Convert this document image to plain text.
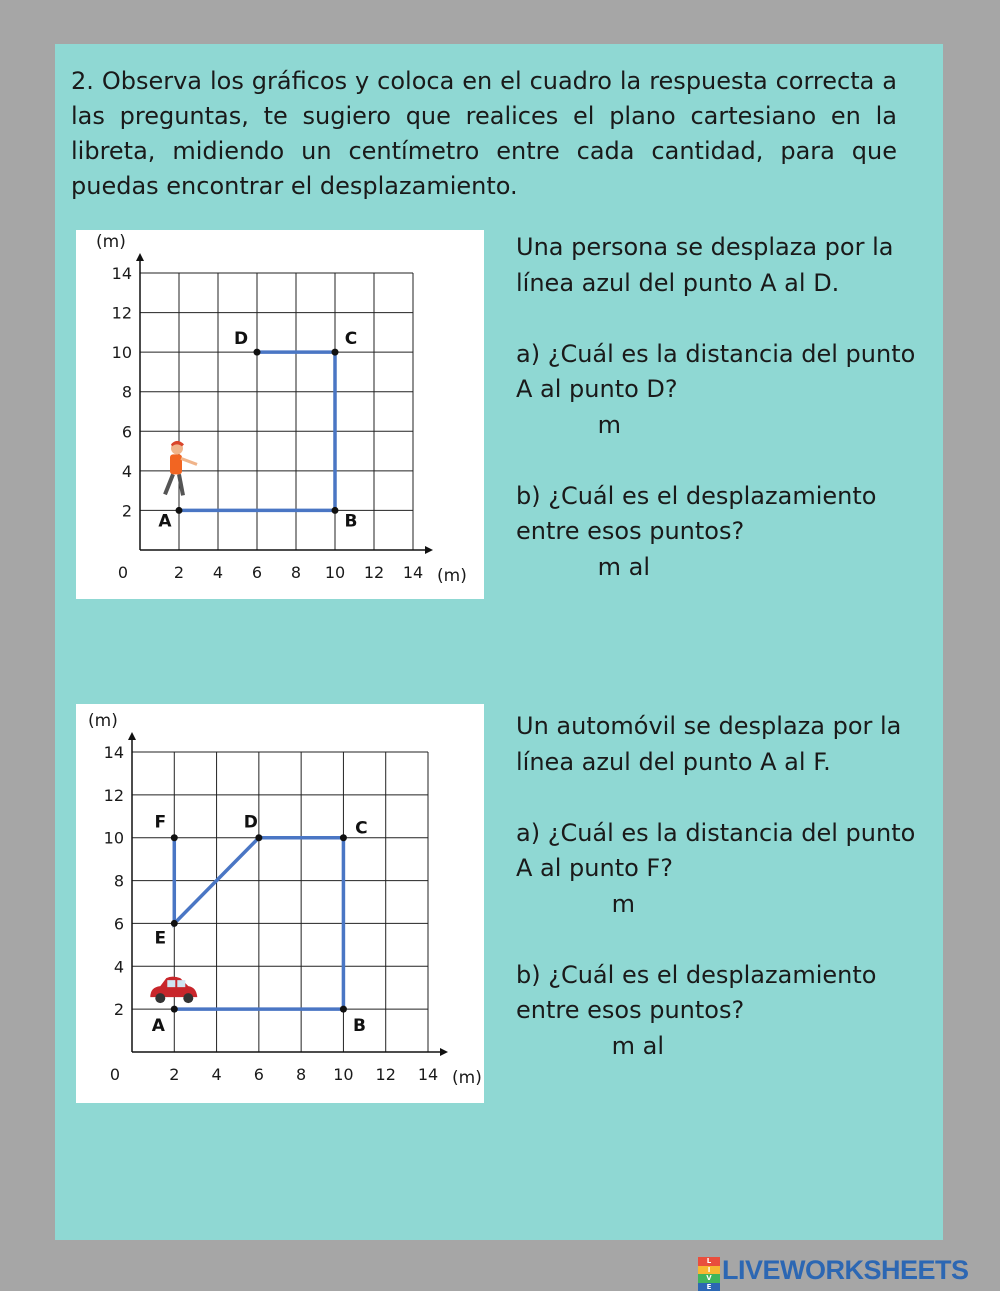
2. Observa los gráficos y coloca en el cuadro la respuesta correcta a las preguntas, te sugiero que realices el plano cartesiano en la libreta, midiendo un centímetro entre cada cantidad, para que puedas encontrar el desplazamiento.

2 4 6 8 10 12 14
2
4
6
8
10
12
14
0	(m)
(m)
A	B
C
D

Una persona se desplaza por la línea azul del punto A al D.

a) ¿Cuál es la distancia del punto A al punto D?

m

b) ¿Cuál es el desplazamiento entre esos puntos?

m al

2 4 6 8 10 12 14
2
4
6
8
10
12
14
0	(m)
(m)
A	B
C
D
E
F

Un automóvil se desplaza por la línea azul del punto A al F.

a) ¿Cuál es la distancia del punto A al punto F?

m

b) ¿Cuál es el desplazamiento entre esos puntos?

m al

L
I
V
E
LIVEWORKSHEETS
